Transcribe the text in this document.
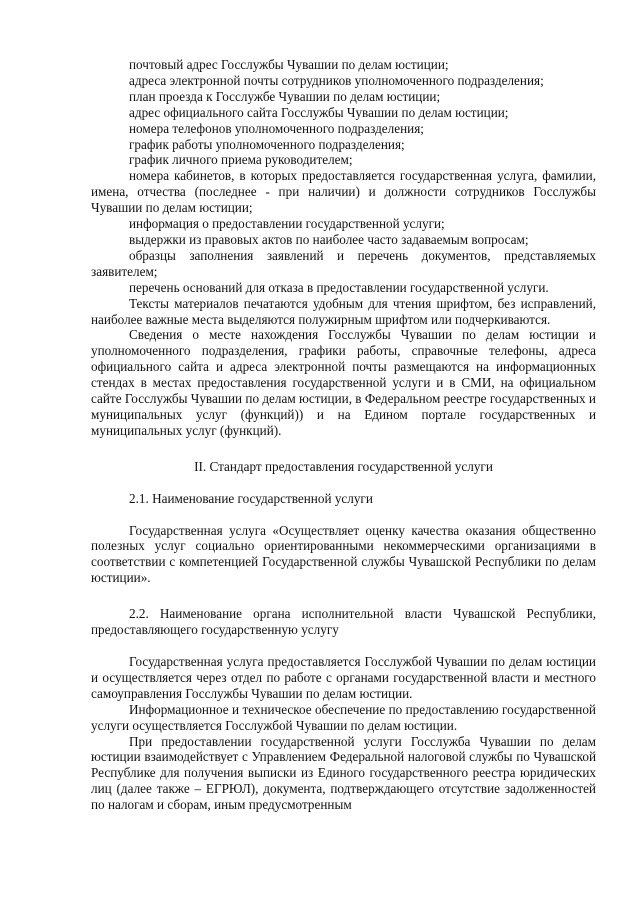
почтовый адрес Госслужбы Чувашии по делам юстиции;

адреса электронной почты сотрудников уполномоченного подразделения;

план проезда к Госслужбе Чувашии по делам юстиции;

адрес официального сайта Госслужбы Чувашии по делам юстиции;

номера телефонов уполномоченного подразделения;

график работы уполномоченного подразделения;

график личного приема руководителем;

номера кабинетов, в которых предоставляется государственная услуга, фамилии, имена, отчества (последнее - при наличии) и должности сотрудников Госслужбы Чувашии по делам юстиции;

информация о предоставлении государственной услуги;

выдержки из правовых актов по наиболее часто задаваемым вопросам;

образцы заполнения заявлений и перечень документов, представляемых заявителем;

перечень оснований для отказа в предоставлении государственной услуги.

Тексты материалов печатаются удобным для чтения шрифтом, без исправлений, наиболее важные места выделяются полужирным шрифтом или подчеркиваются.

Сведения о месте нахождения Госслужбы Чувашии по делам юстиции и уполномоченного подразделения, графики работы, справочные телефоны, адреса официального сайта и адреса электронной почты размещаются на информационных стендах в местах предоставления государственной услуги и в СМИ, на официальном сайте Госслужбы Чувашии по делам юстиции, в Федеральном реестре государственных и муниципальных услуг (функций)) и на Едином портале государственных и муниципальных услуг (функций).

II. Стандарт предоставления государственной услуги

2.1. Наименование государственной услуги

Государственная услуга «Осуществляет оценку качества оказания общественно полезных услуг социально ориентированными некоммерческими организациями в соответствии с компетенцией Государственной службы Чувашской Республики по делам юстиции».

2.2. Наименование органа исполнительной власти Чувашской Республики, предоставляющего государственную услугу

Государственная услуга предоставляется Госслужбой Чувашии по делам юстиции и осуществляется через отдел по работе с органами государственной власти и местного самоуправления Госслужбы Чувашии по делам юстиции.

Информационное и техническое обеспечение по предоставлению государственной услуги осуществляется Госслужбой Чувашии по делам юстиции.

При предоставлении государственной услуги Госслужба Чувашии по делам юстиции взаимодействует с Управлением Федеральной налоговой службы по Чувашской Республике для получения выписки из Единого государственного реестра юридических лиц (далее также – ЕГРЮЛ), документа, подтверждающего отсутствие задолженностей по налогам и сборам, иным предусмотренным
